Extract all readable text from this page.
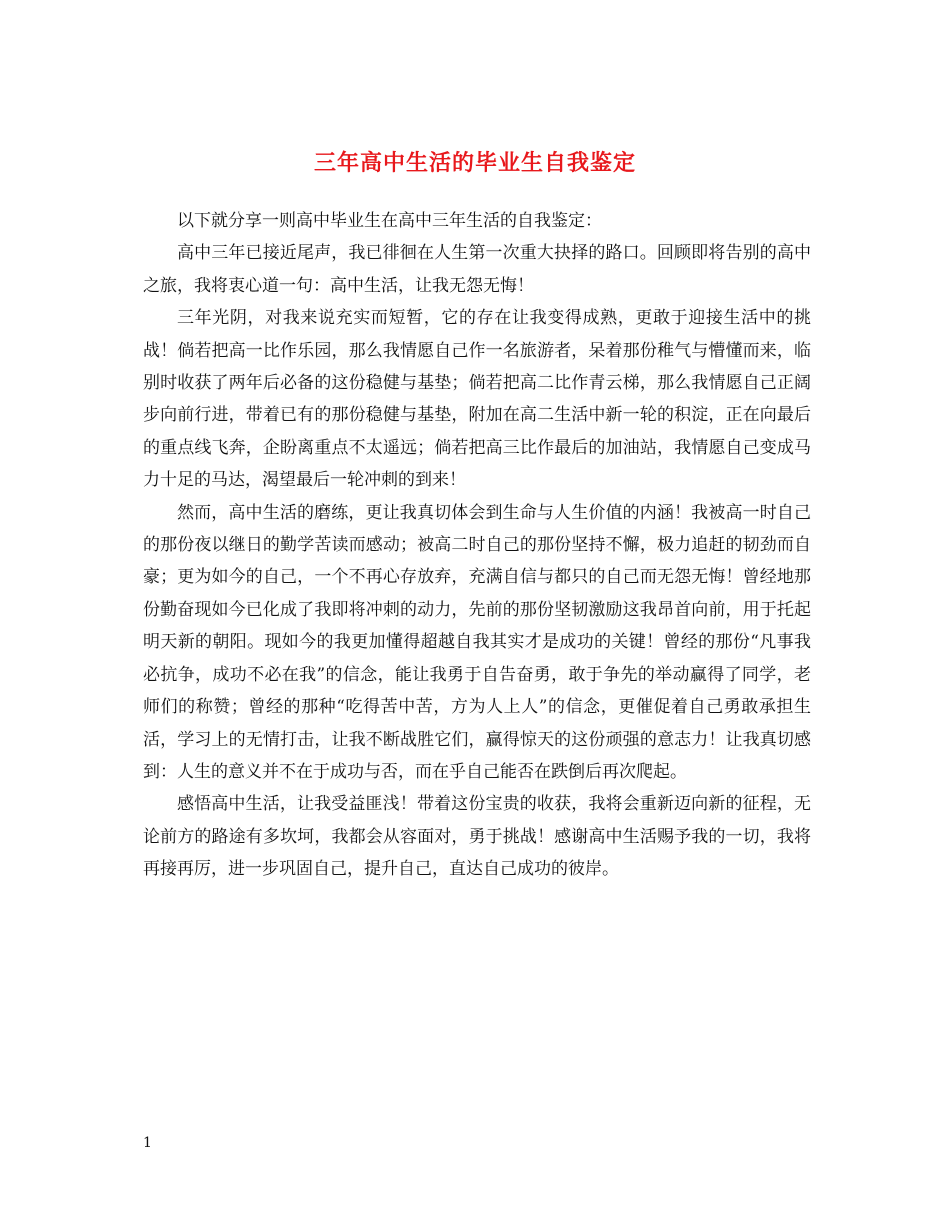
三年高中生活的毕业生自我鉴定

以下就分享一则高中毕业生在高中三年生活的自我鉴定：

高中三年已接近尾声，我已徘徊在人生第一次重大抉择的路口。回顾即将告别的高中之旅，我将衷心道一句：高中生活，让我无怨无悔！

三年光阴，对我来说充实而短暂，它的存在让我变得成熟，更敢于迎接生活中的挑战！倘若把高一比作乐园，那么我情愿自己作一名旅游者，呆着那份稚气与懵懂而来，临别时收获了两年后必备的这份稳健与基垫；倘若把高二比作青云梯，那么我情愿自己正阔步向前行进，带着已有的那份稳健与基垫，附加在高二生活中新一轮的积淀，正在向最后的重点线飞奔，企盼离重点不太遥远；倘若把高三比作最后的加油站，我情愿自己变成马力十足的马达，渴望最后一轮冲刺的到来！

然而，高中生活的磨练，更让我真切体会到生命与人生价值的内涵！我被高一时自己的那份夜以继日的勤学苦读而感动；被高二时自己的那份坚持不懈，极力追赶的韧劲而自豪；更为如今的自己，一个不再心存放弃，充满自信与都只的自己而无怨无悔！曾经地那份勤奋现如今已化成了我即将冲刺的动力，先前的那份坚韧激励这我昂首向前，用于托起明天新的朝阳。现如今的我更加懂得超越自我其实才是成功的关键！曾经的那份“凡事我必抗争，成功不必在我”的信念，能让我勇于自告奋勇，敢于争先的举动赢得了同学，老师们的称赞；曾经的那种“吃得苦中苦，方为人上人”的信念，更催促着自己勇敢承担生活，学习上的无情打击，让我不断战胜它们，赢得惊天的这份顽强的意志力！让我真切感到：人生的意义并不在于成功与否，而在乎自己能否在跌倒后再次爬起。

感悟高中生活，让我受益匪浅！带着这份宝贵的收获，我将会重新迈向新的征程，无论前方的路途有多坎坷，我都会从容面对，勇于挑战！感谢高中生活赐予我的一切，我将再接再厉，进一步巩固自己，提升自己，直达自己成功的彼岸。

1
